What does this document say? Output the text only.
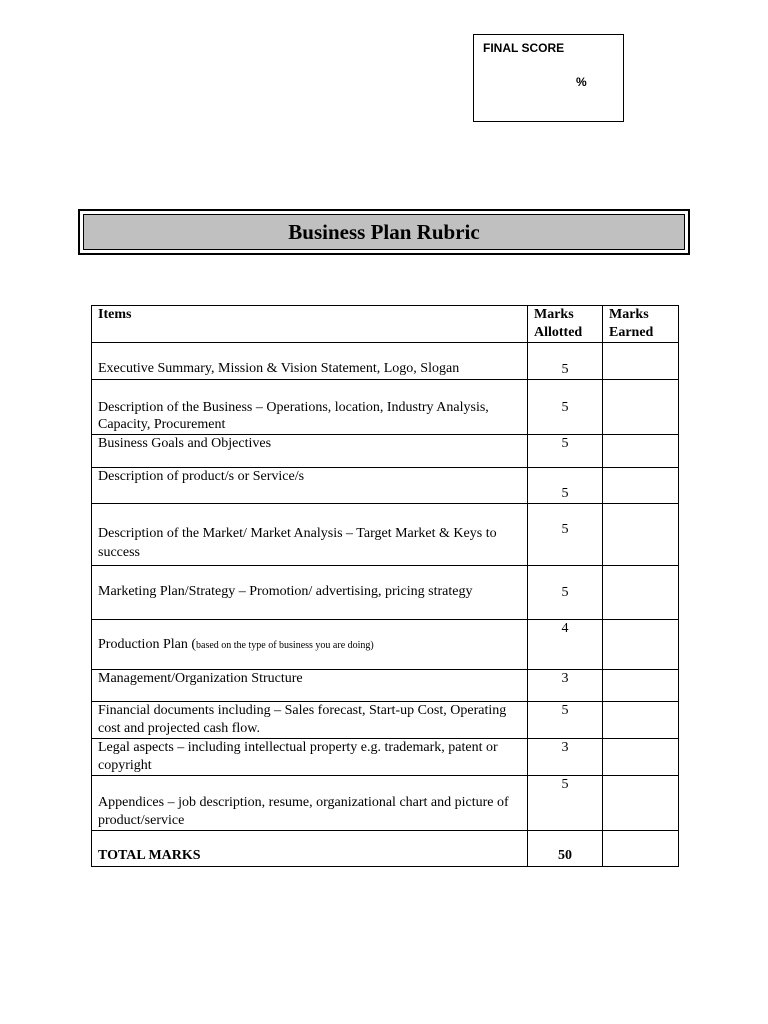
FINAL SCORE
%
Business Plan Rubric
Items	Marks Allotted	Marks Earned
Executive Summary, Mission & Vision Statement, Logo, Slogan	5	
Description of the Business – Operations, location, Industry Analysis, Capacity, Procurement	5	
Business Goals and Objectives	5	
Description of product/s or Service/s	5	
Description of the Market/ Market Analysis – Target Market & Keys to success	5	
Marketing Plan/Strategy – Promotion/ advertising, pricing strategy	5	
Production Plan (based on the type of business you are doing)	4	
Management/Organization Structure	3	
Financial documents including – Sales forecast, Start-up Cost, Operating cost and projected cash flow.	5	
Legal aspects – including intellectual property e.g. trademark, patent or copyright	3	
Appendices – job description, resume, organizational chart and picture of product/service	5	
TOTAL MARKS	50	
